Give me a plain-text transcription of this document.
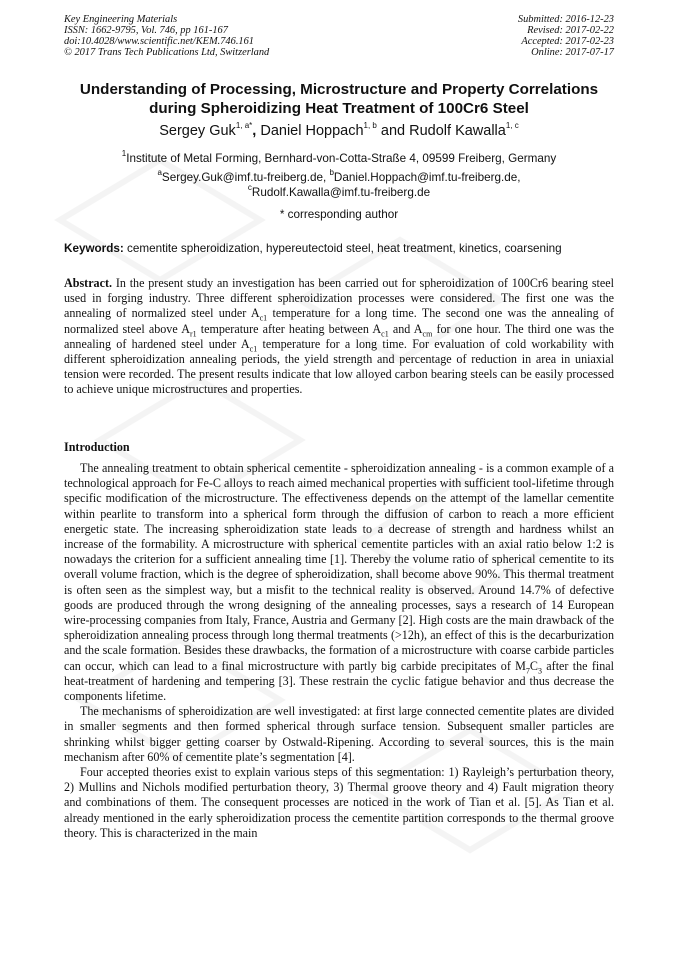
Key Engineering Materials
ISSN: 1662-9795, Vol. 746, pp 161-167
doi:10.4028/www.scientific.net/KEM.746.161
© 2017 Trans Tech Publications Ltd, Switzerland
Submitted: 2016-12-23
Revised: 2017-02-22
Accepted: 2017-02-23
Online: 2017-07-17
Understanding of Processing, Microstructure and Property Correlations
during Spheroidizing Heat Treatment of 100Cr6 Steel
Sergey Guk$^{1, a*}$, Daniel Hoppach$^{1, b}$ and Rudolf Kawalla$^{1, c}$
$^1$Institute of Metal Forming, Bernhard-von-Cotta-Straße 4, 09599 Freiberg, Germany
$^a$Sergey.Guk@imf.tu-freiberg.de, $^b$Daniel.Hoppach@imf.tu-freiberg.de,
$^c$Rudolf.Kawalla@imf.tu-freiberg.de
* corresponding author
Keywords: cementite spheroidization, hypereutectoid steel, heat treatment, kinetics, coarsening
Abstract. In the present study an investigation has been carried out for spheroidization of 100Cr6 bearing steel used in forging industry. Three different spheroidization processes were considered. The first one was the annealing of normalized steel under $A_{c1}$ temperature for a long time. The second one was the annealing of normalized steel above $A_{r1}$ temperature after heating between $A_{c1}$ and $A_{cm}$ for one hour. The third one was the annealing of hardened steel under $A_{c1}$ temperature for a long time. For evaluation of cold workability with different spheroidization annealing periods, the yield strength and percentage of reduction in area in uniaxial tension were recorded. The present results indicate that low alloyed carbon bearing steels can be easily processed to achieve unique microstructures and properties.
Introduction

The annealing treatment to obtain spherical cementite - spheroidization annealing - is a common example of a technological approach for Fe-C alloys to reach aimed mechanical properties with sufficient tool-lifetime through specific modification of the microstructure. The effectiveness depends on the attempt of the lamellar cementite within pearlite to transform into a spherical form through the diffusion of carbon to reach a more efficient energetic state. The increasing spheroidization state leads to a decrease of strength and hardness whilst an increase of the formability. A microstructure with spherical cementite particles with an axial ratio below 1:2 is nowadays the criterion for a sufficient annealing time [1]. Thereby the volume ratio of spherical cementite to its overall volume fraction, which is the degree of spheroidization, shall become above 90%. This thermal treatment is often seen as the simplest way, but a misfit to the technical reality is observed. Around 14.7% of defective goods are produced through the wrong designing of the annealing processes, says a research of 14 European wire-processing companies from Italy, France, Austria and Germany [2]. High costs are the main drawback of the spheroidization annealing process through long thermal treatments (>12h), an effect of this is the decarburization and the scale formation. Besides these drawbacks, the formation of a microstructure with coarse carbide particles can occur, which can lead to a final microstructure with partly big carbide precipitates of $M_7C_3$ after the final heat-treatment of hardening and tempering [3]. These restrain the cyclic fatigue behavior and thus decrease the components lifetime.

The mechanisms of spheroidization are well investigated: at first large connected cementite plates are divided in smaller segments and then formed spherical through surface tension. Subsequent smaller particles are shrinking whilst bigger getting coarser by Ostwald-Ripening. According to several sources, this is the main mechanism after 60% of cementite plate’s segmentation [4].

Four accepted theories exist to explain various steps of this segmentation: 1) Rayleigh’s perturbation theory, 2) Mullins and Nichols modified perturbation theory, 3) Thermal groove theory and 4) Fault migration theory and combinations of them. The consequent processes are noticed in the work of Tian et al. [5]. As Tian et al. already mentioned in the early spheroidization process the cementite partition corresponds to the thermal groove theory. This is characterized in the main
